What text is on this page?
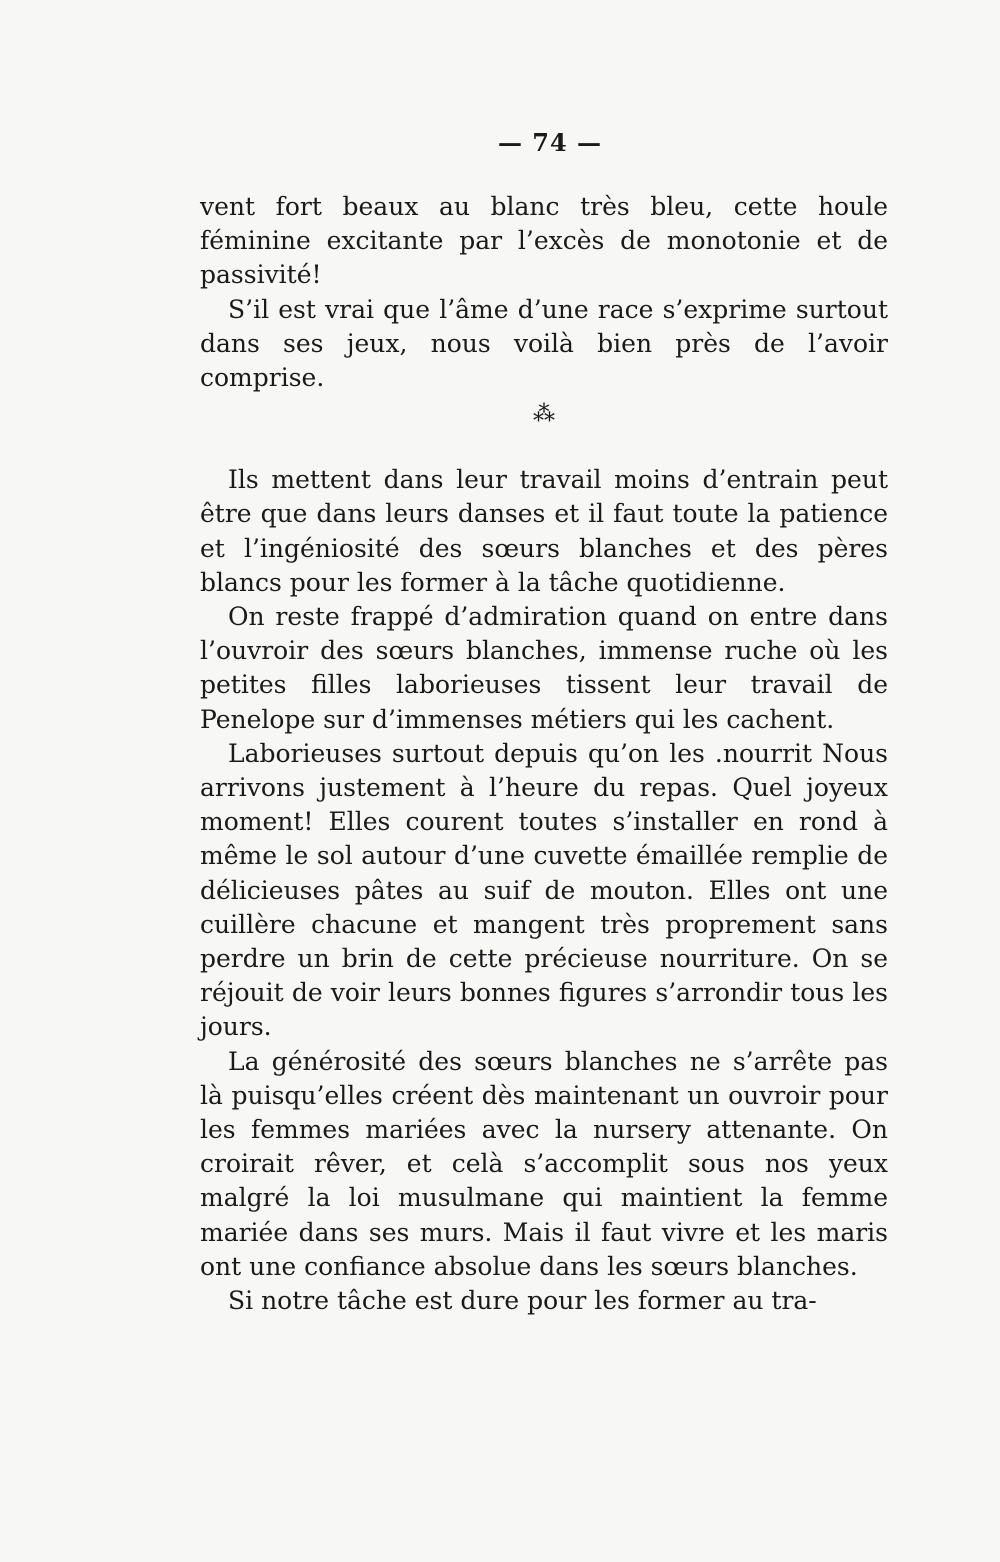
— 74 —

vent fort beaux au blanc très bleu, cette houle féminine excitante par l’excès de monotonie et de passivité!

S’il est vrai que l’âme d’une race s’exprime surtout dans ses jeux, nous voilà bien près de l’avoir comprise.

⁂

Ils mettent dans leur travail moins d’entrain peut être que dans leurs danses et il faut toute la patience et l’ingéniosité des sœurs blanches et des pères blancs pour les former à la tâche quotidienne.

On reste frappé d’admiration quand on entre dans l’ouvroir des sœurs blanches, immense ruche où les petites filles laborieuses tissent leur travail de Penelope sur d’immenses métiers qui les cachent.

Laborieuses surtout depuis qu’on les .nourrit Nous arrivons justement à l’heure du repas. Quel joyeux moment! Elles courent toutes s’installer en rond à même le sol autour d’une cuvette émaillée remplie de délicieuses pâtes au suif de mouton. Elles ont une cuillère chacune et mangent très proprement sans perdre un brin de cette précieuse nourriture. On se réjouit de voir leurs bonnes figures s’arrondir tous les jours.

La générosité des sœurs blanches ne s’arrête pas là puisqu’elles créent dès maintenant un ouvroir pour les femmes mariées avec la nursery attenante. On croirait rêver, et celà s’accomplit sous nos yeux malgré la loi musulmane qui maintient la femme mariée dans ses murs. Mais il faut vivre et les maris ont une confiance absolue dans les sœurs blanches.

Si notre tâche est dure pour les former au tra-
